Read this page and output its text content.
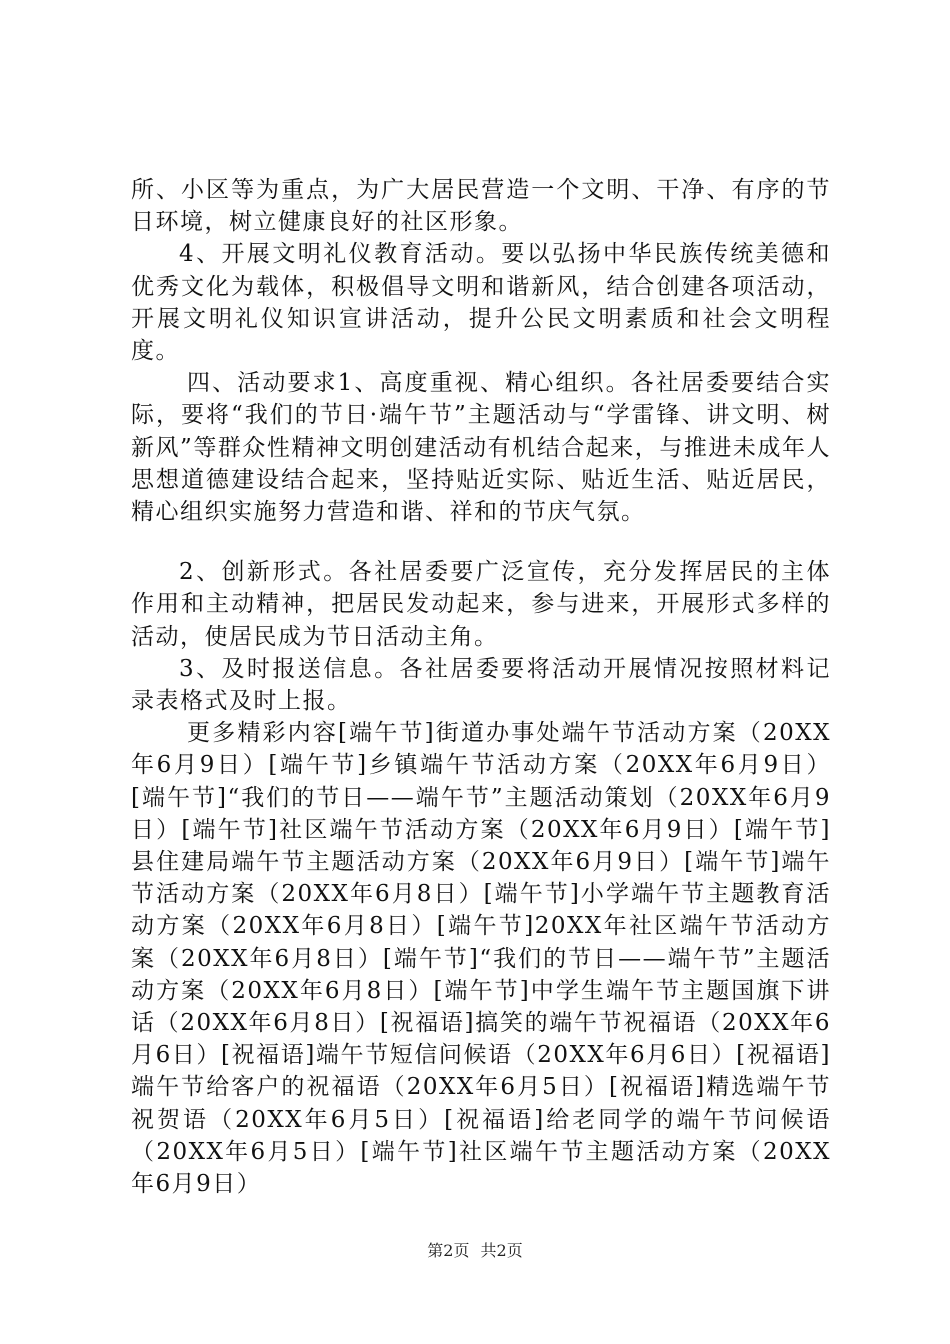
所、小区等为重点，为广大居民营造一个文明、干净、有序的节日环境，树立健康良好的社区形象。

4、开展文明礼仪教育活动。要以弘扬中华民族传统美德和优秀文化为载体，积极倡导文明和谐新风，结合创建各项活动，开展文明礼仪知识宣讲活动，提升公民文明素质和社会文明程度。

四、活动要求1、高度重视、精心组织。各社居委要结合实际，要将“我们的节日·端午节”主题活动与“学雷锋、讲文明、树新风”等群众性精神文明创建活动有机结合起来，与推进未成年人思想道德建设结合起来，坚持贴近实际、贴近生活、贴近居民，精心组织实施努力营造和谐、祥和的节庆气氛。

2、创新形式。各社居委要广泛宣传，充分发挥居民的主体作用和主动精神，把居民发动起来，参与进来，开展形式多样的活动，使居民成为节日活动主角。

3、及时报送信息。各社居委要将活动开展情况按照材料记录表格式及时上报。

更多精彩内容[端午节]街道办事处端午节活动方案（20XX年6月9日）[端午节]乡镇端午节活动方案（20XX年6月9日）[端午节]“我们的节日——端午节”主题活动策划（20XX年6月9日）[端午节]社区端午节活动方案（20XX年6月9日）[端午节]县住建局端午节主题活动方案（20XX年6月9日）[端午节]端午节活动方案（20XX年6月8日）[端午节]小学端午节主题教育活动方案（20XX年6月8日）[端午节]20XX年社区端午节活动方案（20XX年6月8日）[端午节]“我们的节日——端午节”主题活动方案（20XX年6月8日）[端午节]中学生端午节主题国旗下讲话（20XX年6月8日）[祝福语]搞笑的端午节祝福语（20XX年6月6日）[祝福语]端午节短信问候语（20XX年6月6日）[祝福语]端午节给客户的祝福语（20XX年6月5日）[祝福语]精选端午节祝贺语（20XX年6月5日）[祝福语]给老同学的端午节问候语（20XX年6月5日）[端午节]社区端午节主题活动方案（20XX年6月9日）

第2页 共2页
